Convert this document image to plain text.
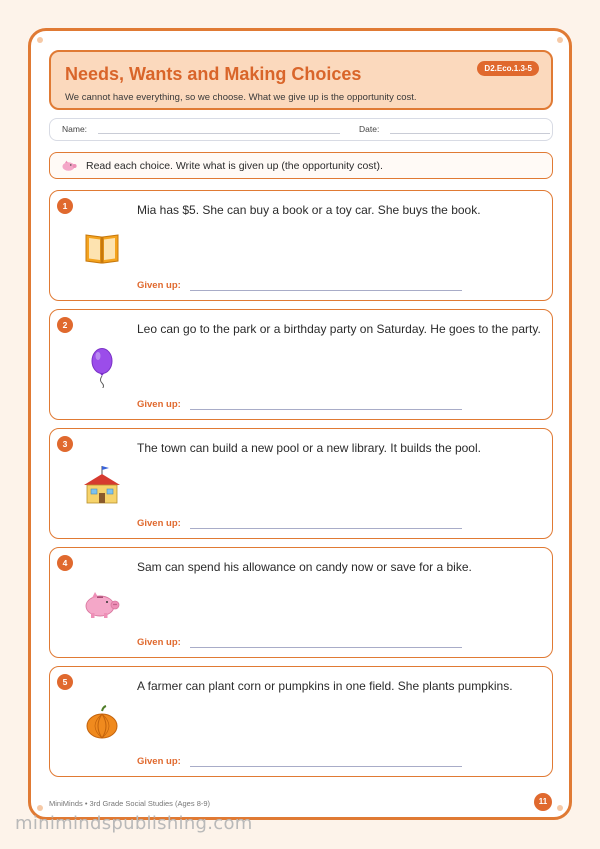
Needs, Wants and Making Choices	D2.Eco.1.3-5
We cannot have everything, so we choose. What we give up is the opportunity cost.
Name:	Date:
Read each choice. Write what is given up (the opportunity cost).
1	Mia has $5. She can buy a book or a toy car. She buys the book.
Given up:
2	Leo can go to the park or a birthday party on Saturday. He goes to the party.
Given up:
3	The town can build a new pool or a new library. It builds the pool.
Given up:
4	Sam can spend his allowance on candy now or save for a bike.
Given up:
5	A farmer can plant corn or pumpkins in one field. She plants pumpkins.
Given up:
MiniMinds • 3rd Grade Social Studies (Ages 8-9)	11
minimindspublishing.com
